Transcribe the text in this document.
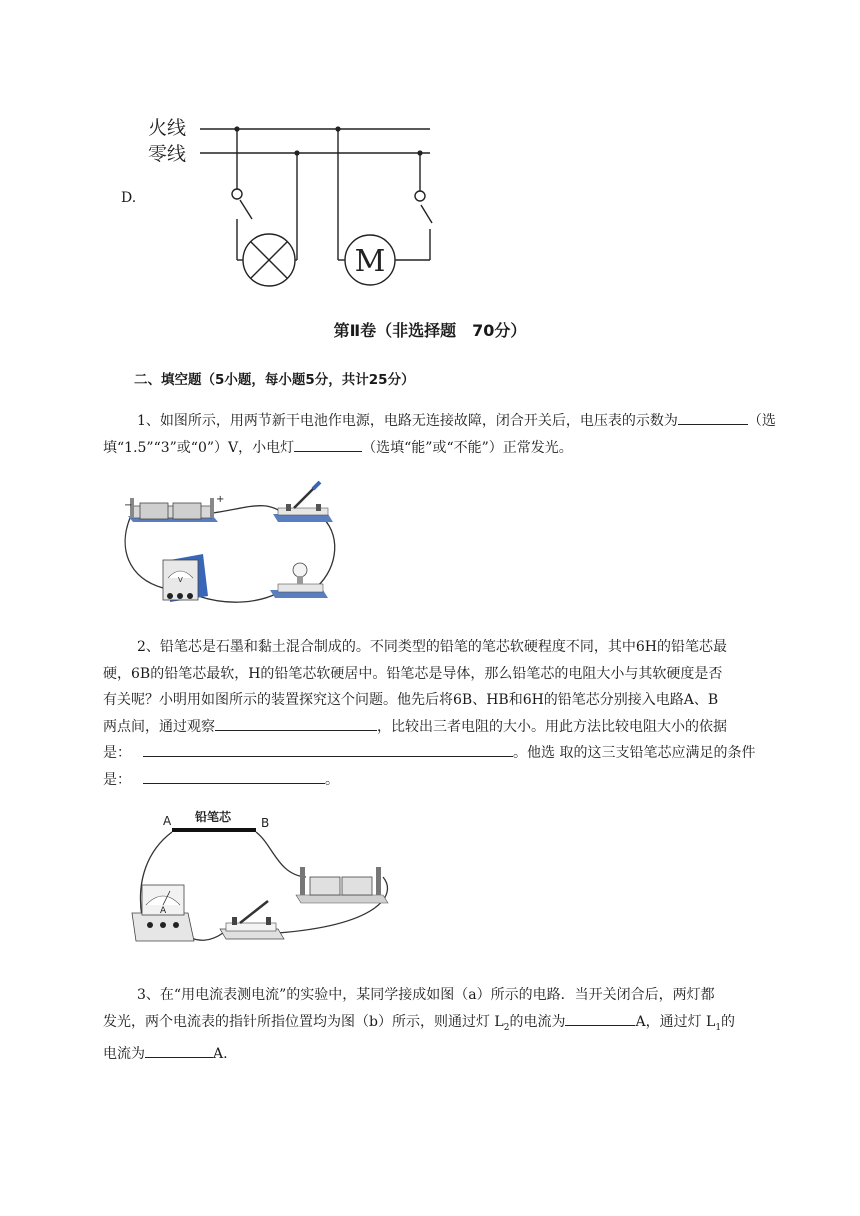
D.
火线
零线
M
第Ⅱ卷（非选择题　70分）
二、填空题（5小题，每小题5分，共计25分）

1、如图所示，用两节新干电池作电源，电路无连接故障，闭合开关后，电压表的示数为	（选填“1.5”“3”或“0”）V，小电灯	（选填“能”或“不能”）正常发光。

−
+
V

2、铅笔芯是石墨和黏土混合制成的。不同类型的铅笔的笔芯软硬程度不同，其中6H的铅笔芯最

硬，6B的铅笔芯最软，H的铅笔芯软硬居中。铅笔芯是导体，那么铅笔芯的电阻大小与其软硬度是否

有关呢？小明用如图所示的装置探究这个问题。他先后将6B、HB和6H的铅笔芯分别接入电路A、B

两点间，通过观察	，比较出三者电阻的大小。用此方法比较电阻大小的依据

是：	。他选 取的这三支铅笔芯应满足的条件

是：	。

A	B
铅笔芯
A

3、在“用电流表测电流”的实验中，某同学接成如图（a）所示的电路．当开关闭合后，两灯都

发光，两个电流表的指针所指位置均为图（b）所示，则通过灯 $L_2$的电流为	A，通过灯 $L_1$的

电流为	A.
